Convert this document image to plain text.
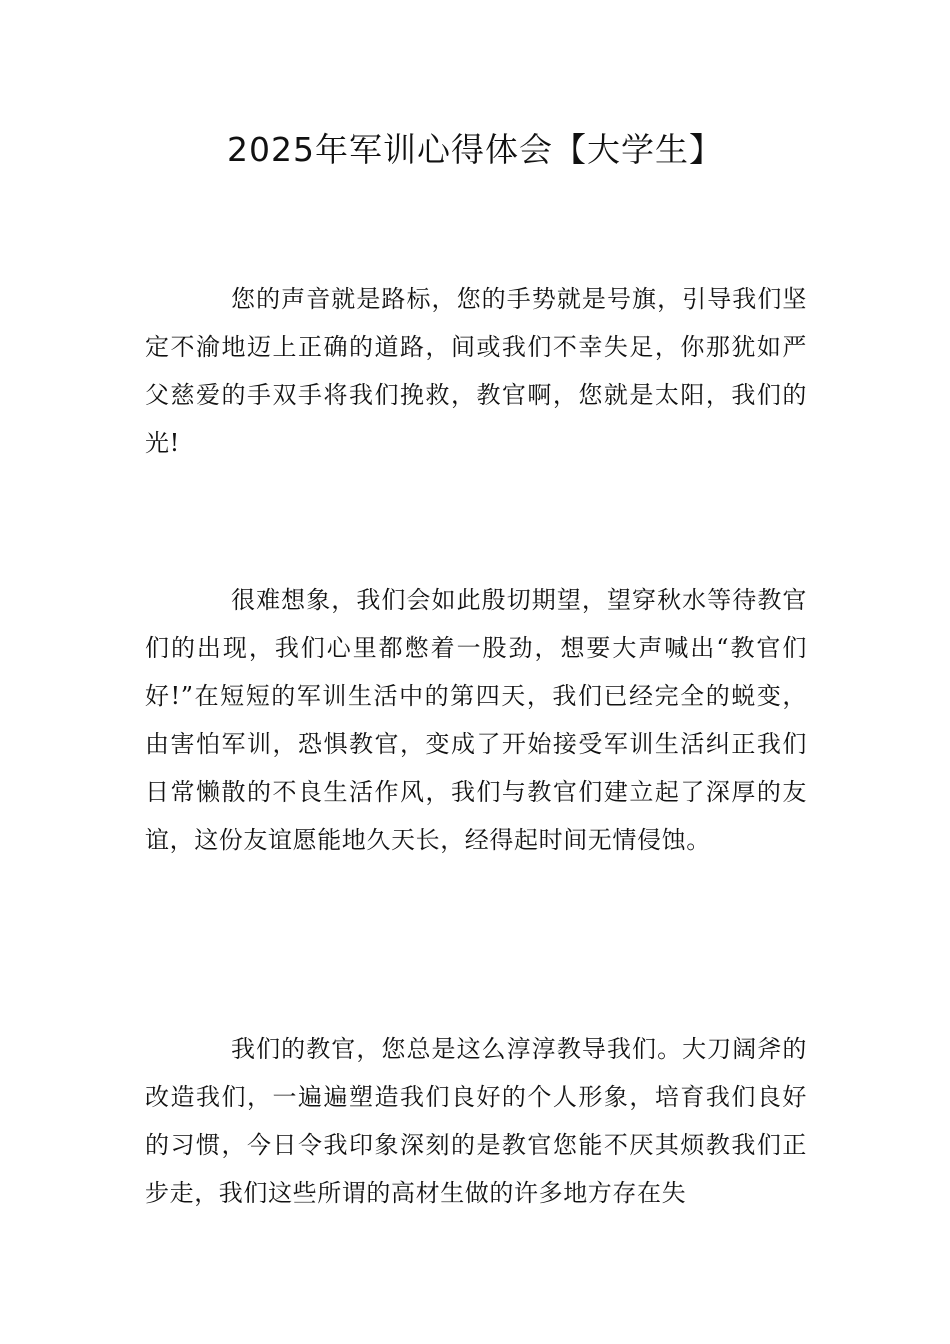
2025年军训心得体会【大学生】

您的声音就是路标，您的手势就是号旗，引导我们坚定不渝地迈上正确的道路，间或我们不幸失足，你那犹如严父慈爱的手双手将我们挽救，教官啊，您就是太阳，我们的光!

很难想象，我们会如此殷切期望，望穿秋水等待教官们的出现，我们心里都憋着一股劲，想要大声喊出“教官们好!”在短短的军训生活中的第四天，我们已经完全的蜕变，由害怕军训，恐惧教官，变成了开始接受军训生活纠正我们日常懒散的不良生活作风，我们与教官们建立起了深厚的友谊，这份友谊愿能地久天长，经得起时间无情侵蚀。

我们的教官，您总是这么淳淳教导我们。大刀阔斧的改造我们，一遍遍塑造我们良好的个人形象，培育我们良好的习惯，今日令我印象深刻的是教官您能不厌其烦教我们正步走，我们这些所谓的高材生做的许多地方存在失
